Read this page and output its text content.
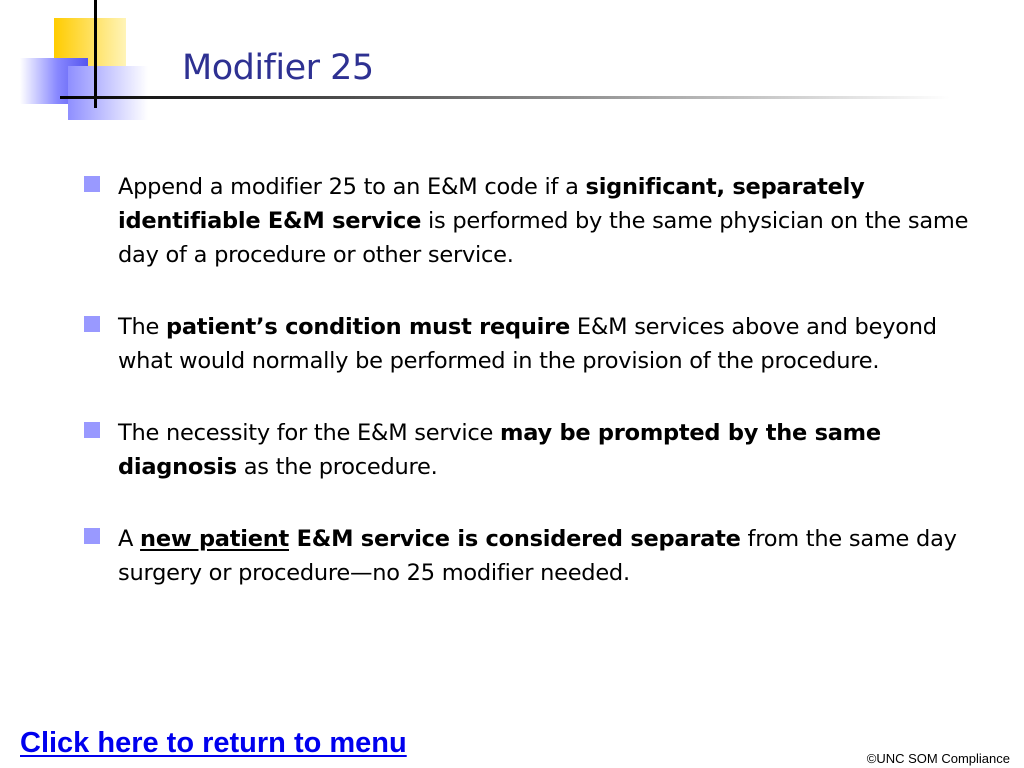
Modifier 25
Append a modifier 25 to an E&M code if a significant, separately identifiable E&M service is performed by the same physician on the same day of a procedure or other service.
The patient’s condition must require E&M services above and beyond what would normally be performed in the provision of the procedure.
The necessity for the E&M service may be prompted by the same diagnosis as the procedure.
A new patient E&M service is considered separate from the same day surgery or procedure—no 25 modifier needed.
Click here to return to menu	©UNC SOM Compliance
